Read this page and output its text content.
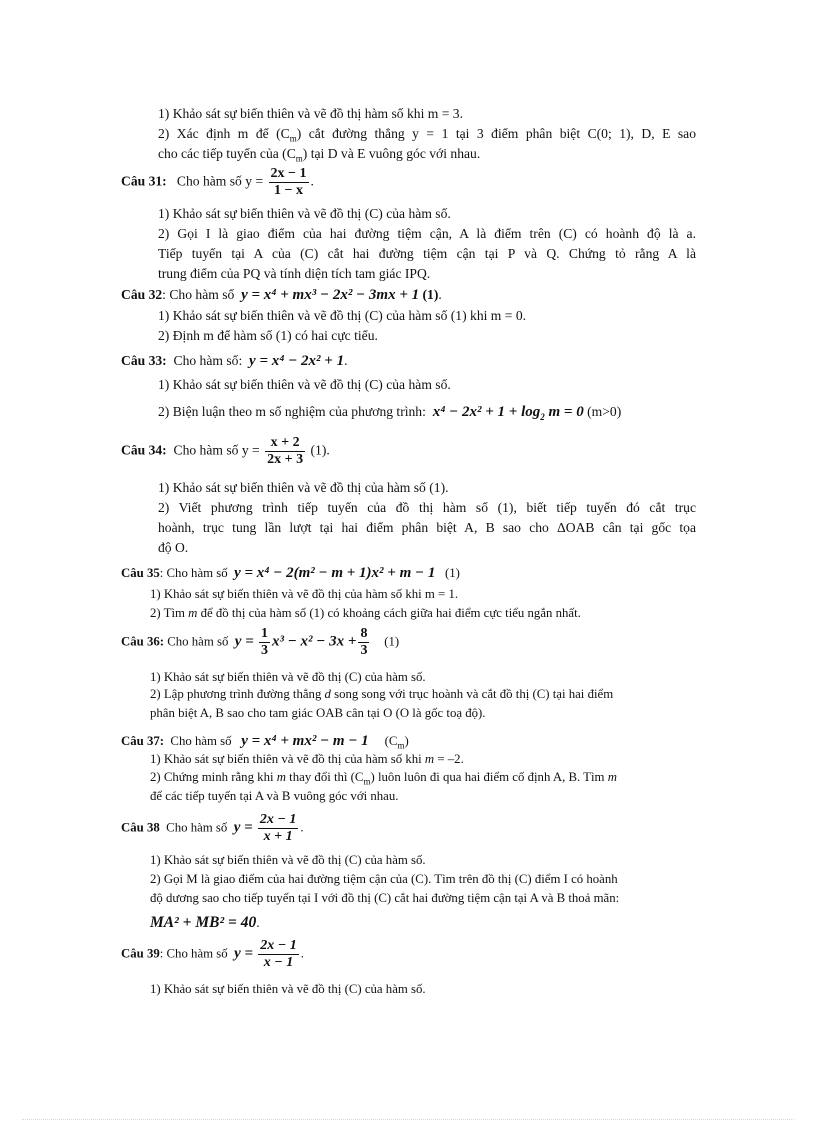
1) Khảo sát sự biến thiên và vẽ đồ thị hàm số khi m = 3.
2) Xác định m để $(C_m)$ cắt đường thẳng y = 1 tại 3 điểm phân biệt C(0; 1), D, E sao
cho các tiếp tuyến của $(C_m)$ tại D và E vuông góc với nhau.
Câu 31: Cho hàm số $y = \frac{2x - 1}{1 - x}$ .
1) Khảo sát sự biến thiên và vẽ đồ thị (C) của hàm số.
2) Gọi I là giao điểm của hai đường tiệm cận, A là điểm trên (C) có hoành độ là a.
Tiếp tuyến tại A của (C) cắt hai đường tiệm cận tại P và Q. Chứng tỏ rằng A là
trung điểm của PQ và tính diện tích tam giác IPQ.
Câu 32: Cho hàm số y = x⁴ + mx³ − 2x² − 3mx + 1 (1).
1) Khảo sát sự biến thiên và vẽ đồ thị (C) của hàm số (1) khi m = 0.
2) Định m để hàm số (1) có hai cực tiểu.
Câu 33: Cho hàm số: y = x⁴ − 2x² + 1.
1) Khảo sát sự biến thiên và vẽ đồ thị (C) của hàm số.
2) Biện luận theo m số nghiệm của phương trình: $x^4 - 2x^2 + 1 + \log_2 m = 0$ (m>0)
Câu 34: Cho hàm số $y = \frac{x + 2}{2x + 3} (1)$.
1) Khảo sát sự biến thiên và vẽ đồ thị của hàm số (1).
2) Viết phương trình tiếp tuyến của đồ thị hàm số (1), biết tiếp tuyến đó cắt trục
hoành, trục tung lần lượt tại hai điểm phân biệt A, B sao cho ΔOAB cân tại gốc tọa
độ O.
Câu 35: Cho hàm số y = x⁴ − 2(m² − m + 1)x² + m − 1 (1)
1) Khảo sát sự biến thiên và vẽ đồ thị của hàm số khi m = 1.
2) Tìm m để đồ thị của hàm số (1) có khoảng cách giữa hai điểm cực tiểu ngắn nhất.
Câu 36: Cho hàm số $y = \frac{1}{3} x^3 - x^2 - 3x + \frac{8}{3} (1)$
1) Khảo sát sự biến thiên và vẽ đồ thị (C) của hàm số.
2) Lập phương trình đường thẳng d song song với trục hoành và cắt đồ thị (C) tại hai điểm
phân biệt A, B sao cho tam giác OAB cân tại O (O là gốc toạ độ).
Câu 37: Cho hàm số y = x⁴ + mx² − m − 1 $(C_m)$
1) Khảo sát sự biến thiên và vẽ đồ thị của hàm số khi m = –2.
2) Chứng minh rằng khi m thay đổi thì $(C_m)$ luôn luôn đi qua hai điểm cố định A, B. Tìm m
để các tiếp tuyến tại A và B vuông góc với nhau.
Câu 38 Cho hàm số $y = \frac{2x - 1}{x + 1}$ .
1) Khảo sát sự biến thiên và vẽ đồ thị (C) của hàm số.
2) Gọi M là giao điểm của hai đường tiệm cận của (C). Tìm trên đồ thị (C) điểm I có hoành
độ dương sao cho tiếp tuyến tại I với đồ thị (C) cắt hai đường tiệm cận tại A và B thoả mãn:
MA² + MB² = 40.
Câu 39: Cho hàm số $y = \frac{2x - 1}{x - 1}$ .
1) Khảo sát sự biến thiên và vẽ đồ thị (C) của hàm số.
